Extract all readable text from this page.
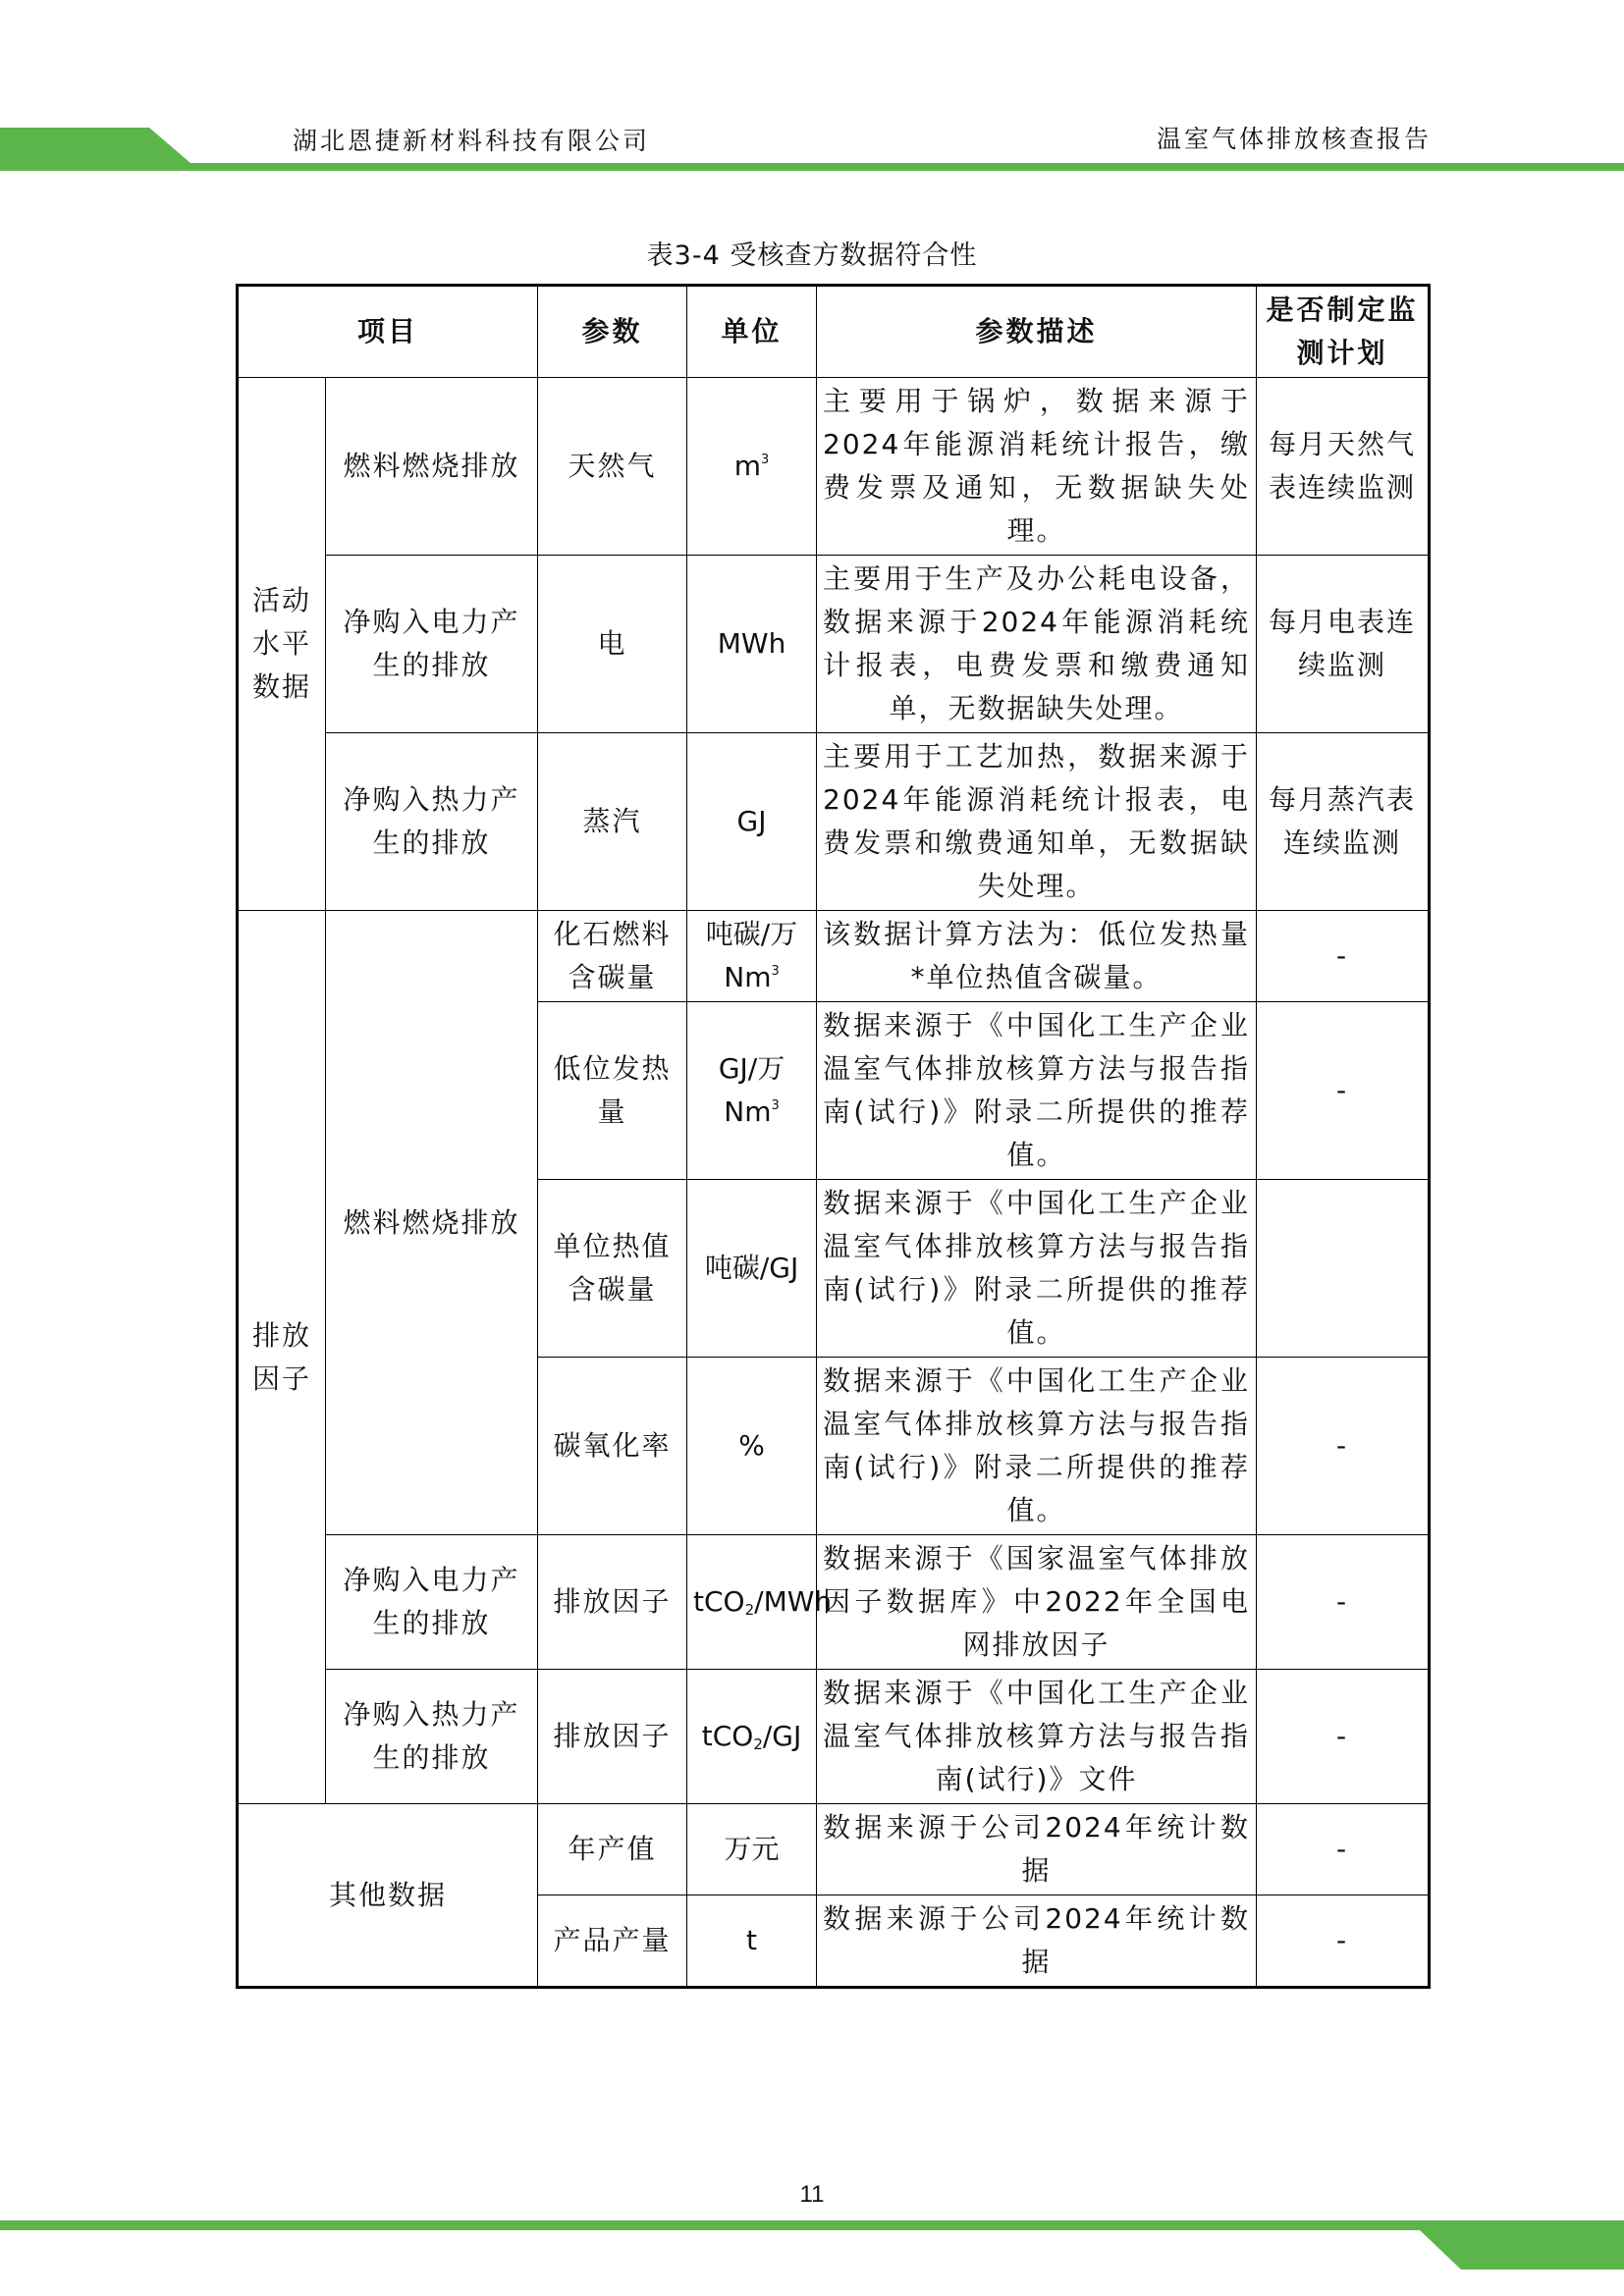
湖北恩捷新材料科技有限公司	温室气体排放核查报告
表3-4 受核查方数据符合性
项目		参数	单位	参数描述	是否制定监测计划
活动水平数据	燃料燃烧排放	天然气	$m^3$	主要用于锅炉，数据来源于2024年能源消耗统计报告，缴费发票及通知，无数据缺失处理。	每月天然气表连续监测
	净购入电力产生的排放	电	MWh	主要用于生产及办公耗电设备，数据来源于2024年能源消耗统计报表，电费发票和缴费通知单，无数据缺失处理。	每月电表连续监测
	净购入热力产生的排放	蒸汽	GJ	主要用于工艺加热，数据来源于2024年能源消耗统计报表，电费发票和缴费通知单，无数据缺失处理。	每月蒸汽表连续监测
排放因子	燃料燃烧排放	化石燃料含碳量	吨碳/万Nm$^3$	该数据计算方法为：低位发热量*单位热值含碳量。	-
		低位发热量	GJ/万Nm$^3$	数据来源于《中国化工生产企业温室气体排放核算方法与报告指南(试行)》附录二所提供的推荐值。	-
		单位热值含碳量	吨碳/GJ	数据来源于《中国化工生产企业温室气体排放核算方法与报告指南(试行)》附录二所提供的推荐值。	
		碳氧化率	%	数据来源于《中国化工生产企业温室气体排放核算方法与报告指南(试行)》附录二所提供的推荐值。	-
	净购入电力产生的排放	排放因子	tCO$_2$/MWh	数据来源于《国家温室气体排放因子数据库》中2022年全国电网排放因子	-
	净购入热力产生的排放	排放因子	tCO$_2$/GJ	数据来源于《中国化工生产企业温室气体排放核算方法与报告指南(试行)》文件	-
其他数据		年产值	万元	数据来源于公司2024年统计数据	-
		产品产量	t	数据来源于公司2024年统计数据	-
11
